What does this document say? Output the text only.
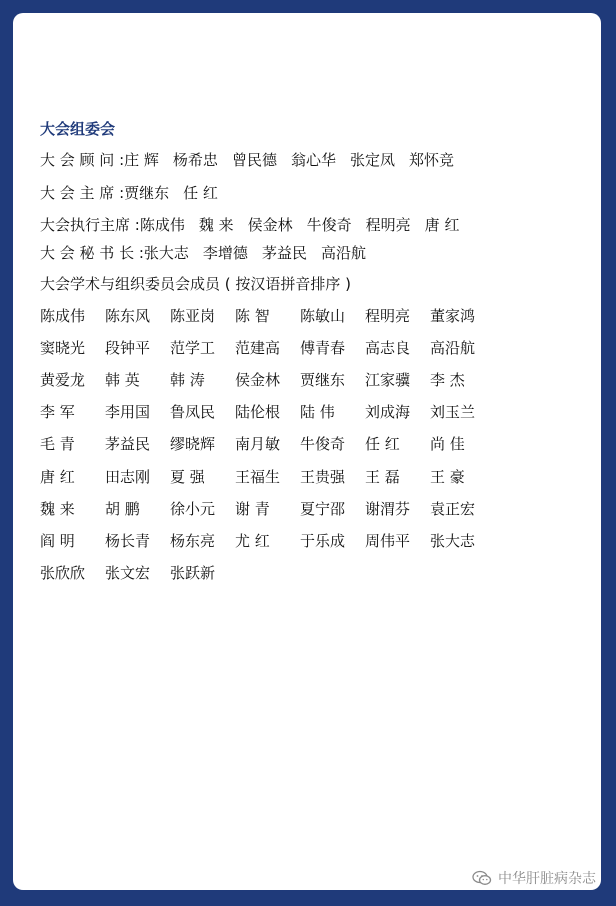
大会组委会
大 会 顾 问 :庄 辉 杨希忠 曾民德 翁心华 张定凤 郑怀竞
大 会 主 席 :贾继东 任 红
大会执行主席 :陈成伟 魏 来 侯金林 牛俊奇 程明亮 唐 红
大 会 秘 书 长 :张大志 李增德 茅益民 高沿航
大会学术与组织委员会成员 ( 按汉语拼音排序 )
陈成伟 陈东风 陈亚岗 陈 智 陈敏山 程明亮 董家鸿
窦晓光 段钟平 范学工 范建高 傅青春 高志良 高沿航
黄爱龙 韩 英 韩 涛 侯金林 贾继东 江家骥 李 杰
李 军 李用国 鲁凤民 陆伦根 陆 伟 刘成海 刘玉兰
毛 青 茅益民 缪晓辉 南月敏 牛俊奇 任 红 尚 佳
唐 红 田志刚 夏 强 王福生 王贵强 王 磊 王 豪
魏 来 胡 鹏 徐小元 谢 青 夏宁邵 谢渭芬 袁正宏
阎 明 杨长青 杨东亮 尤 红 于乐成 周伟平 张大志
张欣欣 张文宏 张跃新
中华肝脏病杂志
